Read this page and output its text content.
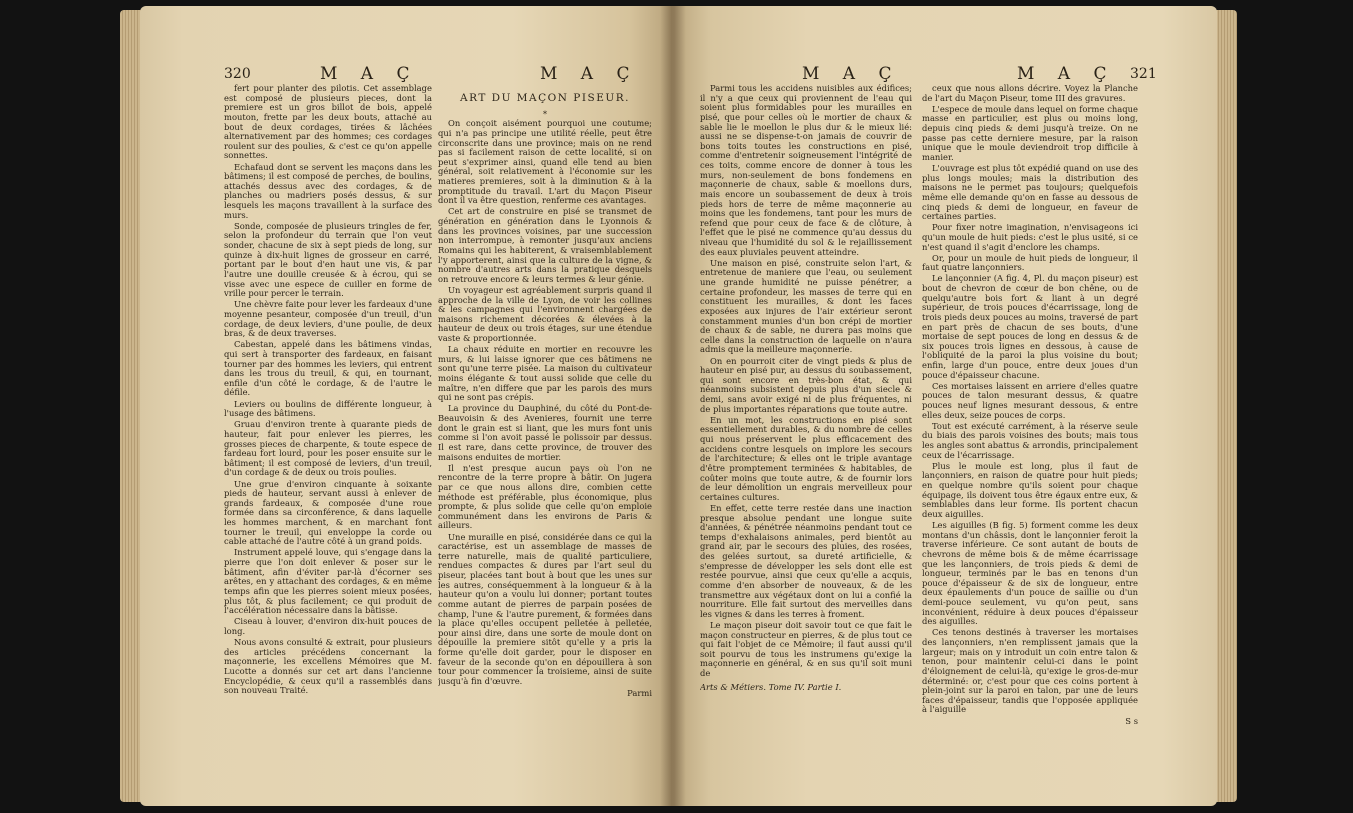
320	M A Ç	M A Ç

fert pour planter des pilotis. Cet assemblage est composé de plusieurs pieces, dont la premiere est un gros billot de bois, appelé mouton, frette par les deux bouts, attaché au bout de deux cordages, tirées & lâchées alternativement par des hommes; ces cordages roulent sur des poulies, & c'est ce qu'on appelle sonnettes.

Echafaud dont se servent les maçons dans les bâtimens; il est composé de perches, de boulins, attachés dessus avec des cordages, & de planches ou madriers posés dessus, & sur lesquels les maçons travaillent à la surface des murs.

Sonde, composée de plusieurs tringles de fer, selon la profondeur du terrain que l'on veut sonder, chacune de six à sept pieds de long, sur quinze à dix-huit lignes de grosseur en carré, portant par le bout d'en haut une vis, & par l'autre une douille creusée & à écrou, qui se visse avec une espece de cuiller en forme de vrille pour percer le terrain.

Une chèvre faite pour lever les fardeaux d'une moyenne pesanteur, composée d'un treuil, d'un cordage, de deux leviers, d'une poulie, de deux bras, & de deux traverses.

Cabestan, appelé dans les bâtimens vindas, qui sert à transporter des fardeaux, en faisant tourner par des hommes les leviers, qui entrent dans les trous du treuil, & qui, en tournant, enfile d'un côté le cordage, & de l'autre le défile.

Leviers ou boulins de différente longueur, à l'usage des bâtimens.

Gruau d'environ trente à quarante pieds de hauteur, fait pour enlever les pierres, les grosses pieces de charpente, & toute espece de fardeau fort lourd, pour les poser ensuite sur le bâtiment; il est composé de leviers, d'un treuil, d'un cordage & de deux ou trois poulies.

Une grue d'environ cinquante à soixante pieds de hauteur, servant aussi à enlever de grands fardeaux, & composée d'une roue formée dans sa circonférence, & dans laquelle les hommes marchent, & en marchant font tourner le treuil, qui enveloppe la corde ou cable attaché de l'autre côté à un grand poids.

Instrument appelé louve, qui s'engage dans la pierre que l'on doit enlever & poser sur le bâtiment, afin d'éviter par-là d'écorner ses arêtes, en y attachant des cordages, & en même temps afin que les pierres soient mieux posées, plus tôt, & plus facilement; ce qui produit de l'accélération nécessaire dans la bâtisse.

Ciseau à louver, d'environ dix-huit pouces de long.

Nous avons consulté & extrait, pour plusieurs des articles précédens concernant la maçonnerie, les excellens Mémoires que M. Lucotte a donnés sur cet art dans l'ancienne Encyclopédie, & ceux qu'il a rassemblés dans son nouveau Traité.

ART DU MAÇON PISEUR.

*

On conçoit aisément pourquoi une coutume; qui n'a pas principe une utilité réelle, peut être circonscrite dans une province; mais on ne rend pas si facilement raison de cette localité, si on peut s'exprimer ainsi, quand elle tend au bien général, soit relativement à l'économie sur les matieres premieres, soit à la diminution & à la promptitude du travail. L'art du Maçon Piseur dont il va être question, renferme ces avantages.

Cet art de construire en pisé se transmet de génération en génération dans le Lyonnois & dans les provinces voisines, par une succession non interrompue, à remonter jusqu'aux anciens Romains qui les habiterent, & vraisemblablement l'y apporterent, ainsi que la culture de la vigne, & nombre d'autres arts dans la pratique desquels on retrouve encore & leurs termes & leur génie.

Un voyageur est agréablement surpris quand il approche de la ville de Lyon, de voir les collines & les campagnes qui l'environnent chargées de maisons richement décorées & élevées à la hauteur de deux ou trois étages, sur une étendue vaste & proportionnée.

La chaux réduite en mortier en recouvre les murs, & lui laisse ignorer que ces bâtimens ne sont qu'une terre pisée. La maison du cultivateur moins élégante & tout aussi solide que celle du maître, n'en differe que par les parois des murs qui ne sont pas crépis.

La province du Dauphiné, du côté du Pont-de-Beauvoisin & des Avenieres, fournit une terre dont le grain est si liant, que les murs font unis comme si l'on avoit passé le polissoir par dessus. Il est rare, dans cette province, de trouver des maisons enduites de mortier.

Il n'est presque aucun pays où l'on ne rencontre de la terre propre à bâtir. On jugera par ce que nous allons dire, combien cette méthode est préférable, plus économique, plus prompte, & plus solide que celle qu'on emploie communément dans les environs de Paris & ailleurs.

Une muraille en pisé, considérée dans ce qui la caractérise, est un assemblage de masses de terre naturelle, mais de qualité particuliere, rendues compactes & dures par l'art seul du piseur, placées tant bout à bout que les unes sur les autres, conséquemment à la longueur & à la hauteur qu'on a voulu lui donner; portant toutes comme autant de pierres de parpain posées de champ, l'une & l'autre purement, & formées dans la place qu'elles occupent pelletée à pelletée, pour ainsi dire, dans une sorte de moule dont on dépouille la premiere sitôt qu'elle y a pris la forme qu'elle doit garder, pour le disposer en faveur de la seconde qu'on en dépouillera à son tour pour commencer la troisieme, ainsi de suite jusqu'à fin d'œuvre.

Parmi

M A Ç	M A Ç 321

Parmi tous les accidens nuisibles aux édifices; il n'y a que ceux qui proviennent de l'eau qui soient plus formidables pour les murailles en pisé, que pour celles où le mortier de chaux & sable lie le moellon le plus dur & le mieux lié: aussi ne se dispense-t-on jamais de couvrir de bons toits toutes les constructions en pisé, comme d'entretenir soigneusement l'intégrité de ces toits, comme encore de donner à tous les murs, non-seulement de bons fondemens en maçonnerie de chaux, sable & moellons durs, mais encore un soubassement de deux à trois pieds hors de terre de même maçonnerie au moins que les fondemens, tant pour les murs de refend que pour ceux de face & de clôture, à l'effet que le pisé ne commence qu'au dessus du niveau que l'humidité du sol & le rejaillissement des eaux pluviales peuvent atteindre.

Une maison en pisé, construite selon l'art, & entretenue de maniere que l'eau, ou seulement une grande humidité ne puisse pénétrer, a certaine profondeur, les masses de terre qui en constituent les murailles, & dont les faces exposées aux injures de l'air extérieur seront constamment munies d'un bon crépi de mortier de chaux & de sable, ne durera pas moins que celle dans la construction de laquelle on n'aura admis que la meilleure maçonnerie.

On en pourroit citer de vingt pieds & plus de hauteur en pisé pur, au dessus du soubassement, qui sont encore en très-bon état, & qui néanmoins subsistent depuis plus d'un siecle & demi, sans avoir exigé ni de plus fréquentes, ni de plus importantes réparations que toute autre.

En un mot, les constructions en pisé sont essentiellement durables, & du nombre de celles qui nous préservent le plus efficacement des accidens contre lesquels on implore les secours de l'architecture; & elles ont le triple avantage d'être promptement terminées & habitables, de coûter moins que toute autre, & de fournir lors de leur démolition un engrais merveilleux pour certaines cultures.

En effet, cette terre restée dans une inaction presque absolue pendant une longue suite d'années, & pénétrée néanmoins pendant tout ce temps d'exhalaisons animales, perd bientôt au grand air, par le secours des pluies, des rosées, des gelées surtout, sa dureté artificielle, & s'empresse de développer les sels dont elle est restée pourvue, ainsi que ceux qu'elle a acquis, comme d'en absorber de nouveaux, & de les transmettre aux végétaux dont on lui a confié la nourriture. Elle fait surtout des merveilles dans les vignes & dans les terres à froment.

Le maçon piseur doit savoir tout ce que fait le maçon constructeur en pierres, & de plus tout ce qui fait l'objet de ce Mémoire; il faut aussi qu'il soit pourvu de tous les instrumens qu'exige la maçonnerie en général, & en sus qu'il soit muni de

Arts & Métiers. Tome IV. Partie I.

ceux que nous allons décrire. Voyez la Planche de l'art du Maçon Piseur, tome III des gravures.

L'espece de moule dans lequel on forme chaque masse en particulier, est plus ou moins long, depuis cinq pieds & demi jusqu'à treize. On ne passe pas cette derniere mesure, par la raison unique que le moule deviendroit trop difficile à manier.

L'ouvrage est plus tôt expédié quand on use des plus longs moules; mais la distribution des maisons ne le permet pas toujours; quelquefois même elle demande qu'on en fasse au dessous de cinq pieds & demi de longueur, en faveur de certaines parties.

Pour fixer notre imagination, n'envisageons ici qu'un moule de huit pieds: c'est le plus usité, si ce n'est quand il s'agit d'enclore les champs.

Or, pour un moule de huit pieds de longueur, il faut quatre lançonniers.

Le lançonnier (A fig. 4, Pl. du maçon piseur) est bout de chevron de cœur de bon chêne, ou de quelqu'autre bois fort & liant à un degré supérieur, de trois pouces d'écarrissage, long de trois pieds deux pouces au moins, traversé de part en part près de chacun de ses bouts, d'une mortaise de sept pouces de long en dessus & de six pouces trois lignes en dessous, à cause de l'obliquité de la paroi la plus voisine du bout; enfin, large d'un pouce, entre deux joues d'un pouce d'épaisseur chacune.

Ces mortaises laissent en arriere d'elles quatre pouces de talon mesurant dessus, & quatre pouces neuf lignes mesurant dessous, & entre elles deux, seize pouces de corps.

Tout est exécuté carrément, à la réserve seule du biais des parois voisines des bouts; mais tous les angles sont abattus & arrondis, principalement ceux de l'écarrissage.

Plus le moule est long, plus il faut de lançonniers, en raison de quatre pour huit pieds; en quelque nombre qu'ils soient pour chaque équipage, ils doivent tous être égaux entre eux, & semblables dans leur forme. Ils portent chacun deux aiguilles.

Les aiguilles (B fig. 5) forment comme les deux montans d'un châssis, dont le lançonnier feroit la traverse inférieure. Ce sont autant de bouts de chevrons de même bois & de même écarrissage que les lançonniers, de trois pieds & demi de longueur, terminés par le bas en tenons d'un pouce d'épaisseur & de six de longueur, entre deux épaulements d'un pouce de saillie ou d'un demi-pouce seulement, vu qu'on peut, sans inconvénient, réduire à deux pouces d'épaisseur des aiguilles.

Ces tenons destinés à traverser les mortaises des lançonniers, n'en remplissent jamais que la largeur; mais on y introduit un coin entre talon & tenon, pour maintenir celui-ci dans le point d'éloignement de celui-là, qu'exige le gros-de-mur déterminé: or, c'est pour que ces coins portent à plein-joint sur la paroi en talon, par une de leurs faces d'épaisseur, tandis que l'opposée appliquée à l'aiguille

S s
